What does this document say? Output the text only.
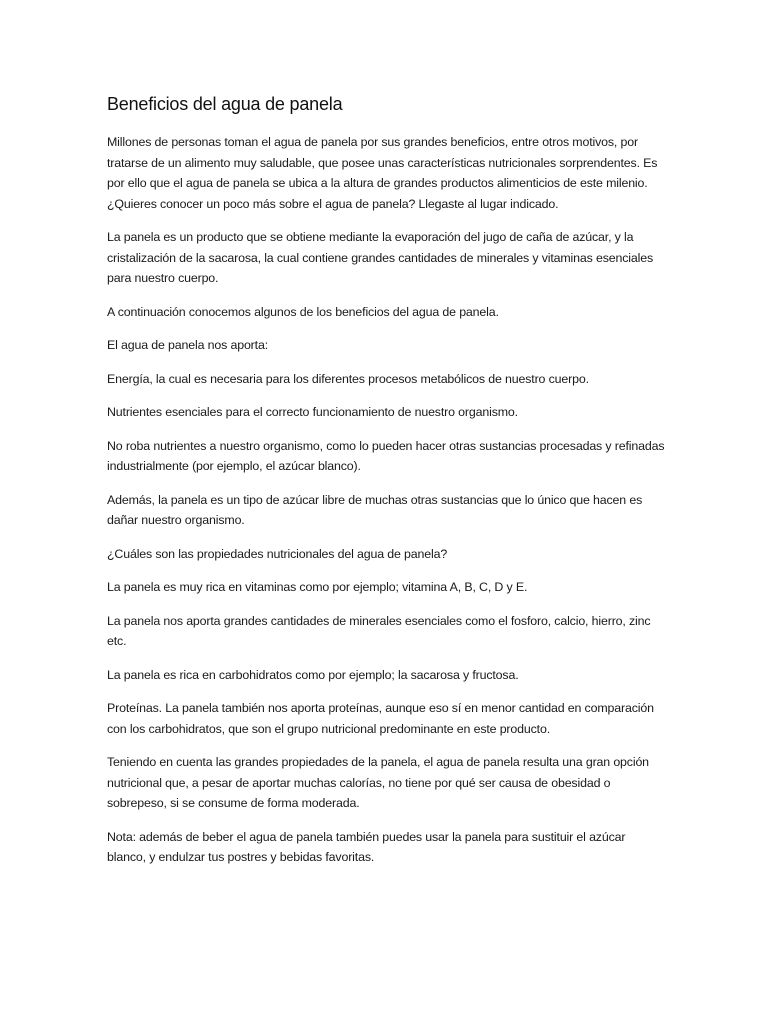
Beneficios del agua de panela

Millones de personas toman el agua de panela por sus grandes beneficios, entre otros motivos, por tratarse de un alimento muy saludable, que posee unas características nutricionales sorprendentes. Es por ello que el agua de panela se ubica a la altura de grandes productos alimenticios de este milenio. ¿Quieres conocer un poco más sobre el agua de panela? Llegaste al lugar indicado.

La panela es un producto que se obtiene mediante la evaporación del jugo de caña de azúcar, y la cristalización de la sacarosa, la cual contiene grandes cantidades de minerales y vitaminas esenciales para nuestro cuerpo.

A continuación conocemos algunos de los beneficios del agua de panela.

El agua de panela nos aporta:

Energía, la cual es necesaria para los diferentes procesos metabólicos de nuestro cuerpo.

Nutrientes esenciales para el correcto funcionamiento de nuestro organismo.

No roba nutrientes a nuestro organismo, como lo pueden hacer otras sustancias procesadas y refinadas industrialmente (por ejemplo, el azúcar blanco).

Además, la panela es un tipo de azúcar libre de muchas otras sustancias que lo único que hacen es dañar nuestro organismo.

¿Cuáles son las propiedades nutricionales del agua de panela?

La panela es muy rica en vitaminas como por ejemplo; vitamina A, B, C, D y E.

La panela nos aporta grandes cantidades de minerales esenciales como el fosforo, calcio, hierro, zinc etc.

La panela es rica en carbohidratos como por ejemplo; la sacarosa y fructosa.

Proteínas. La panela también nos aporta proteínas, aunque eso sí en menor cantidad en comparación con los carbohidratos, que son el grupo nutricional predominante en este producto.

Teniendo en cuenta las grandes propiedades de la panela, el agua de panela resulta una gran opción nutricional que, a pesar de aportar muchas calorías, no tiene por qué ser causa de obesidad o sobrepeso, si se consume de forma moderada.

Nota: además de beber el agua de panela también puedes usar la panela para sustituir el azúcar blanco, y endulzar tus postres y bebidas favoritas.
